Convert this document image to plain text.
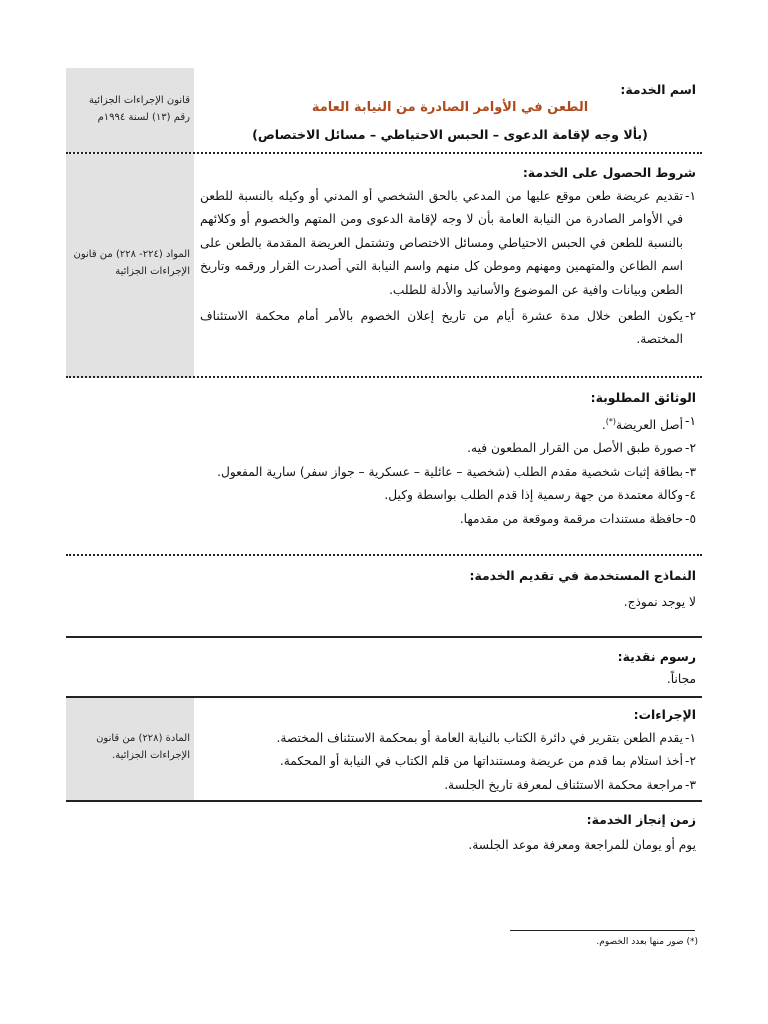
قانون الإجراءات الجزائية رقم (١٣) لسنة ١٩٩٤م
المواد (٢٢٤- ٢٢٨) من قانون الإجراءات الجزائية
المادة (٢٢٨) من قانون الإجراءات الجزائية.
اسم الخدمة:
الطعن في الأوامر الصادرة من النيابة العامة
(بألا وجه لإقامة الدعوى – الحبس الاحتياطي – مسائل الاختصاص)
شروط الحصول على الخدمة:
١-
تقديم عريضة طعن موقع عليها من المدعي بالحق الشخصي أو المدني أو وكيله بالنسبة للطعن في الأوامر الصادرة من النيابة العامة بأن لا وجه لإقامة الدعوى ومن المتهم والخصوم أو وكلائهم بالنسبة للطعن في الحبس الاحتياطي ومسائل الاختصاص وتشتمل العريضة المقدمة بالطعن على اسم الطاعن والمتهمين ومهنهم وموطن كل منهم واسم النيابة التي أصدرت القرار ورقمه وتاريخ الطعن وبيانات وافية عن الموضوع والأسانيد والأدلة للطلب.
٢-
يكون الطعن خلال مدة عشرة أيام من تاريخ إعلان الخصوم بالأمر أمام محكمة الاستئناف المختصة.
الوثائق المطلوبة:
١-
أصل العريضة(*).
٢-
صورة طبق الأصل من القرار المطعون فيه.
٣-
بطاقة إثبات شخصية مقدم الطلب (شخصية – عائلية – عسكرية – جواز سفر) سارية المفعول.
٤-
وكالة معتمدة من جهة رسمية إذا قدم الطلب بواسطة وكيل.
٥-
حافظة مستندات مرقمة وموقعة من مقدمها.
النماذج المستخدمة في تقديم الخدمة:
لا يوجد نموذج.
رسوم نقدية:
مجاناً.
الإجراءات:
١-
يقدم الطعن بتقرير في دائرة الكتاب بالنيابة العامة أو بمحكمة الاستئناف المختصة.
٢-
أخذ استلام بما قدم من عريضة ومستنداتها من قلم الكتاب في النيابة أو المحكمة.
٣-
مراجعة محكمة الاستئناف لمعرفة تاريخ الجلسة.
زمن إنجاز الخدمة:
يوم أو يومان للمراجعة ومعرفة موعد الجلسة.
(*) صور منها بعدد الخصوم.
